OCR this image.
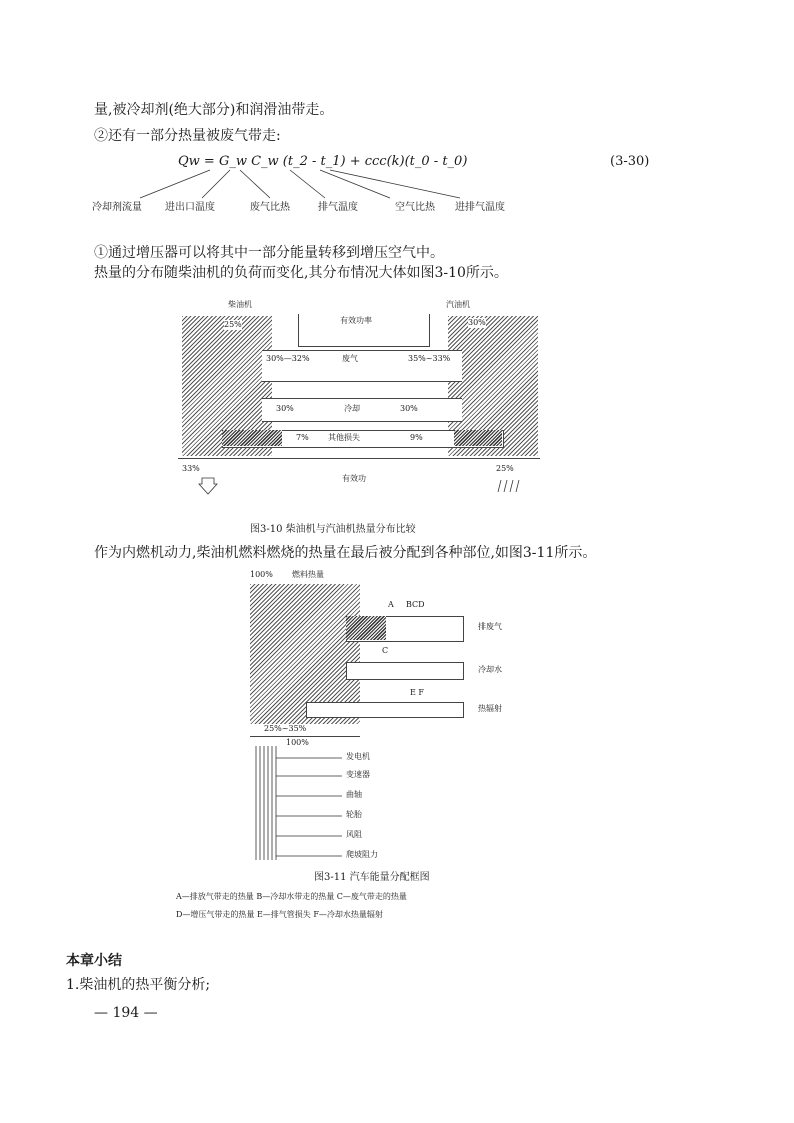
量,被冷却剂(绝大部分)和润滑油带走。
②还有一部分热量被废气带走:
Qw = G_w C_w (t_2 - t_1) + ccc(k)(t_0 - t_0)	(3-30)
冷却剂流量 进出口温度	废气比热	排气温度	空气比热 进排气温度
①通过增压器可以将其中一部分能量转移到增压空气中。
热量的分布随柴油机的负荷而变化,其分布情况大体如图3-10所示。
柴油机	汽油机
有效功率
25%	30%
30%—32%	废气	35%~33%
30%	冷却	30%
7% 其他损失	9%
33%
有效功
25%
图3-10 柴油机与汽油机热量分布比较
作为内燃机动力,柴油机燃料燃烧的热量在最后被分配到各种部位,如图3-11所示。
100% 燃料热量
A BCD
排废气
C
冷却水
E F
热辐射
25%~35%
100%
发电机
变速器
曲轴
轮胎
风阻
爬坡阻力
图3-11 汽车能量分配框图
A—排放气带走的热量 B—冷却水带走的热量 C—废气带走的热量
D—增压气带走的热量 E—排气管损失 F—冷却水热量辐射
本章小结
1.柴油机的热平衡分析;
— 194 —
